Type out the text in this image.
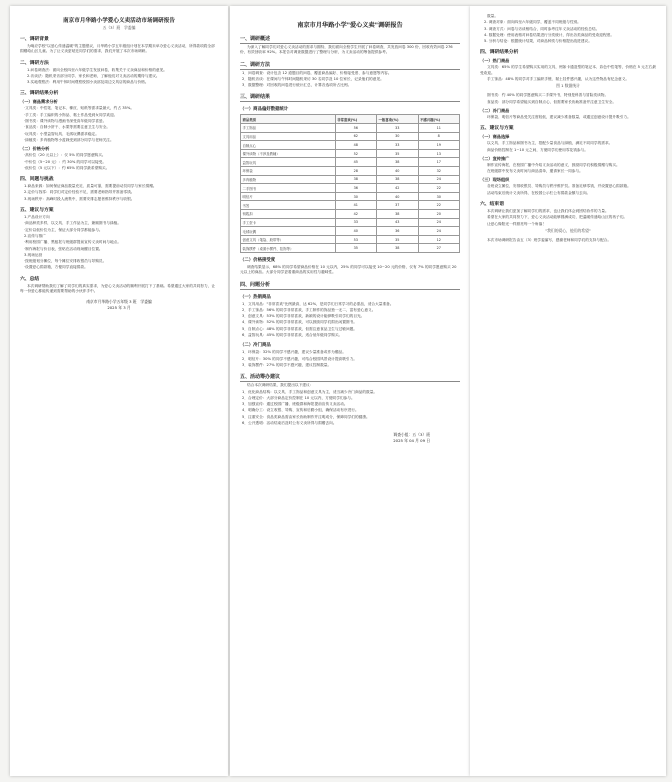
南京市月华路小学爱心义卖活动市场调研报告
五（3）班　学委编
一、调研背景
为响应学校"以爱心传递温暖"的主题倡议，月华路小学五年级组计划在本学期末举办爱心义卖活动，所得款项将全部捐赠给山区儿童。为了让义卖更贴近同学们的需求，我们开展了本次市场调研。
二、调研方法
1.问卷调查法：面向全校四至六年级学生发放问卷，收集关于义卖商品和价格的意见。
2.访谈法：随机采访部分同学、家长和老师，了解他们对义卖活动的期待与建议。
3.实地观察法：利用午休时间观察校园小卖部及周边文具店的商品与价格。
三、调研结果分析
（一）商品需求分析
·文具类：中性笔、笔记本、橡皮、贴纸等需求量最大，约占 35%。
·手工类：手工编织的小饰品、黏土作品受到女同学欢迎。
·图书类：课外读物与漫画书深受高年级同学喜爱。
·食品类：自制小饼干、水果等需要注意卫生与安全。
·玩具类：小型益智玩具、毛绒玩偶需求稳定。
·绿植类：多肉植物等小盆栽受到部分同学与老师关注。
（二）价格分析
·高价位（20 元以上）：仅 5% 的同学愿意购买。
·中价位（5~20 元）：约 30% 的同学可以接受。
·低价位（5 元以下）：约 65% 的同学最希望购买。
四、问题与挑战
1.商品来源：如何保证商品数量充足、质量可靠，需要提前动员同学与家长捐赠。
2.定价与找零：同学们对定价经验不足，需要老师指导并准备零钱。
3.现场秩序：高峰时段人流集中，需要安排志愿者维持秩序与收银。
五、建议与方案
1.产品设计方向
·商品种类多样，以文具、手工作品为主，兼顾图书与绿植。
·定价以低价位为主，保证大部分同学都能参与。
2.宣传与推广
·利用校园广播、黑板报与班级群提前宣传义卖时间与地点。
·制作海报与价目表，张贴在活动现场醒目位置。
3.现场运营
·按班级划分摊位，每个摊位安排收银员与导购员。
·设置爱心捐款箱，方便同学直接捐款。
六、总结
本次调研帮助我们了解了同学们的真实需求，为爱心义卖活动的顺利开展打下了基础。希望通过大家的共同努力，让每一份爱心都能传递到需要帮助的小伙伴手中。
南京市月华路小学五年级 3 班　学委编
2025 年 3 月
南京市月华路小学"爱心义卖"调研报告
一、调研概述
为深入了解同学们对爱心义卖活动的需求与期待，我们面向全校学生开展了问卷调查，共发放问卷 300 份，回收有效问卷 276 份，有效回收率 92%。本报告对调查数据进行了整理与分析，为义卖活动的筹备提供参考。
二、调研方法
1．问卷调查：设计包含 12 道题目的问卷，覆盖商品偏好、价格接受度、参与意愿等内容。
2．随机访谈：在课间与午休时间随机采访 30 名同学及 10 位家长，记录他们的意见。
3．数据整理：对回收的问卷进行统计汇总，计算各选项所占比例。
三、调研结果
（一）商品偏好数据统计
商品类别	非常喜欢(%)	一般喜欢(%)	不感兴趣(%)
手工饰品	56	33	11
文具用品	62	30	8
自制点心	48	33	19
课外读物（不涉及教辅）	52	35	13
益智玩具	45	38	17
环保袋	28	40	32
多肉植物	38	38	24
二手图书	36	42	22
明信片	30	40	30
书签	41	37	22
钥匙扣	42	38	20
手工贺卡	33	43	24
毛绒玩偶	40	36	24
创意文具（笔袋、胶带等）	53	35	12
装饰摆件（桌面小摆件、挂饰等）	35	38	27
（二）价格接受度
调查结果显示，68% 的同学希望商品价格在 10 元以内，25% 的同学可以接受 10~20 元的价格，仅有 7% 的同学愿意购买 20 元以上的商品。大部分同学更看重商品的实用性与趣味性。
四、问题分析
（一）热销商品
1．文具用品："非常喜欢"比例最高，达 62%，是同学们日常学习的必需品，适合大量准备。
2．手工饰品：56% 的同学非常喜欢，手工制作的饰品独一无二，富有爱心意义。
3．创意文具：53% 的同学非常喜欢，新颖的设计能够吸引同学们的目光。
4．课外读物：52% 的同学非常喜欢，可以鼓励同学们捐出闲置图书。
5．自制点心：48% 的同学非常喜欢，但需注意食品卫生与过敏问题。
6．益智玩具：45% 的同学非常喜欢，适合低年级同学购买。
（二）冷门商品
1．环保袋：32% 的同学不感兴趣，建议少量准备或作为赠品。
2．明信片：30% 的同学不感兴趣，可结合校园风景设计提高吸引力。
3．装饰摆件：27% 的同学不感兴趣，建议控制数量。
五、活动筹办建议
结合本次调研结果，我们提出以下建议：
1．优化商品结构：以文具、手工饰品和创意文具为主，适当减少冷门商品的数量。
2．合理定价：大部分商品定价控制在 10 元以内，方便同学们参与。
3．加强宣传：通过校园广播、班级群和海报提前宣传义卖活动。
4．明确分工：设立收银、导购、宣传和后勤小组，确保活动有序进行。
5．注重安全：食品类商品需由家长协助制作并注明成分，保障同学们的健康。
6．公开透明：活动结束后及时公布义卖所得与捐赠去向。
调查小组：五（3）班
2025 年 04 月 09 日
数量。
2. 调查对象：面向四至六年级同学，覆盖不同班级与性别。
3. 调查方式：问卷与访谈相结合，同时参考往年义卖活动的经验总结。
4. 数据处理：使用表格对问卷结果进行分类统计，得出各类商品的受欢迎程度。
5. 分析与结论：根据统计结果，对商品种类与价格提出改进建议。
四、调研结果分析
（一）热门商品
文具类：65% 的学生希望购买实用的文具，例如卡通造型的笔记本、彩色中性笔等，价格在 5 元左右最受欢迎。
手工饰品：48% 的同学对手工编织手链、黏土挂件感兴趣，认为这些物品有纪念意义。
图 1 数据统计
图书类：约 40% 的同学愿意购买二手课外书，特别是科普与冒险类读物。
食品类：部分同学希望能买到自制点心，但需要家长协助准备并注意卫生安全。
（二）冷门商品
环保袋、明信片等商品受关注度较低，建议减少准备数量，或通过创意设计提升吸引力。
五、建议与方案
（一）商品选择
以文具、手工饰品和图书为主，搭配少量食品与绿植，满足不同同学的需求。
商品价格控制在 1~10 元之间，方便同学们使用零花钱参与。
（二）宣传推广
制作宣传海报，在校园广播中介绍义卖活动的意义，鼓励同学们积极捐赠与购买。
在班级群中发布义卖时间与商品清单，邀请家长一同参与。
（三）现场组织
各班设立摊位，安排收银员、导购员与秩序维护员。准备足够零钱，并设置爱心捐款箱。
活动结束后统计义卖所得，在校园公示栏公布捐款金额与去向。
六、结束语
本次调研让我们更加了解同学们的需求，也让我们体会到团结协作的力量。
希望在大家的共同努力下，爱心义卖活动能够圆满成功，把温暖传递给山区的孩子们。
让爱心像阳光一样照亮每一个角落！
"我们的爱心，他们的希望"
本次市场调研报告由五（3）班学委编写，感谢老师和同学们的支持与配合。
